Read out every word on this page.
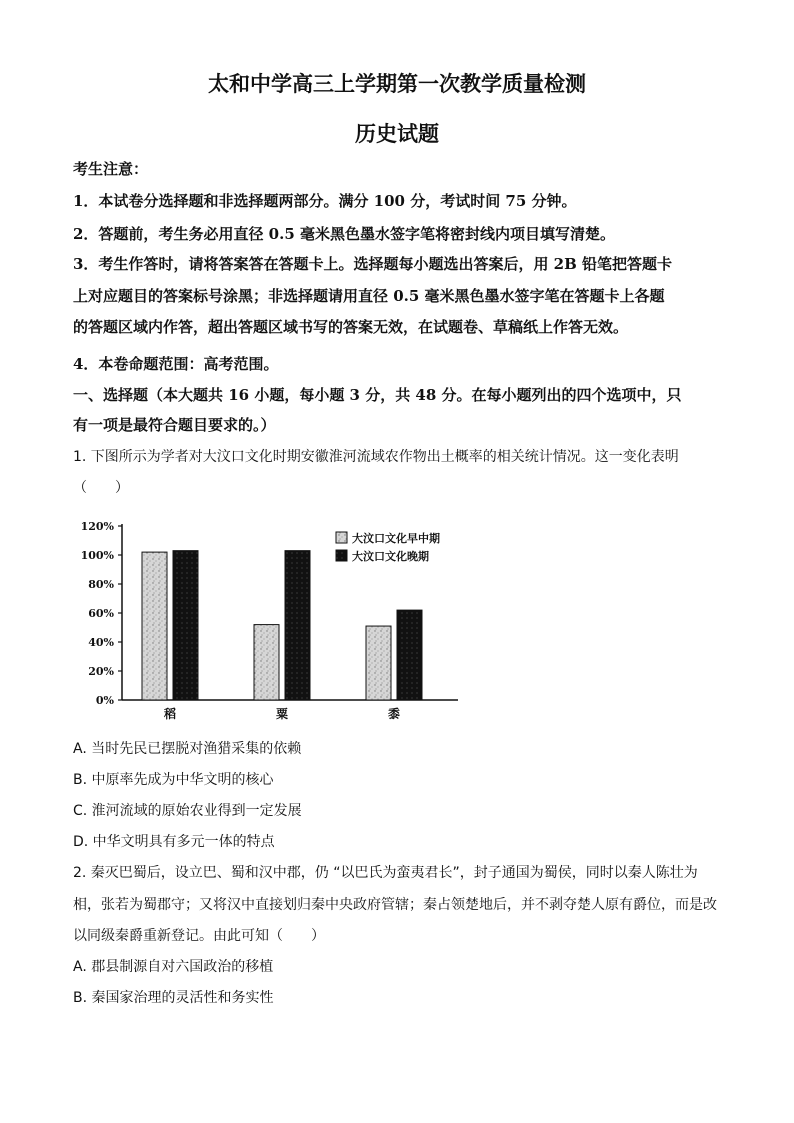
太和中学高三上学期第一次教学质量检测
历史试题
考生注意：
1．本试卷分选择题和非选择题两部分。满分 100 分，考试时间 75 分钟。
2．答题前，考生务必用直径 0.5 毫米黑色墨水签字笔将密封线内项目填写清楚。
3．考生作答时，请将答案答在答题卡上。选择题每小题选出答案后，用 2B 铅笔把答题卡
上对应题目的答案标号涂黑；非选择题请用直径 0.5 毫米黑色墨水签字笔在答题卡上各题
的答题区域内作答，超出答题区域书写的答案无效，在试题卷、草稿纸上作答无效。
4．本卷命题范围：高考范围。
一、选择题（本大题共 16 小题，每小题 3 分，共 48 分。在每小题列出的四个选项中，只
有一项是最符合题目要求的。）
1. 下图所示为学者对大汶口文化时期安徽淮河流域农作物出土概率的相关统计情况。这一变化表明
（　　）
0%
20%
40%
60%
80%
100%
120%
稻	粟	黍
大汶口文化早中期
大汶口文化晚期
A. 当时先民已摆脱对渔猎采集的依赖
B. 中原率先成为中华文明的核心
C. 淮河流域的原始农业得到一定发展
D. 中华文明具有多元一体的特点
2. 秦灭巴蜀后，设立巴、蜀和汉中郡，仍 “以巴氏为蛮夷君长”，封子通国为蜀侯，同时以秦人陈壮为
相，张若为蜀郡守；又将汉中直接划归秦中央政府管辖；秦占领楚地后，并不剥夺楚人原有爵位，而是改
以同级秦爵重新登记。由此可知（　　）
A. 郡县制源自对六国政治的移植
B. 秦国家治理的灵活性和务实性
